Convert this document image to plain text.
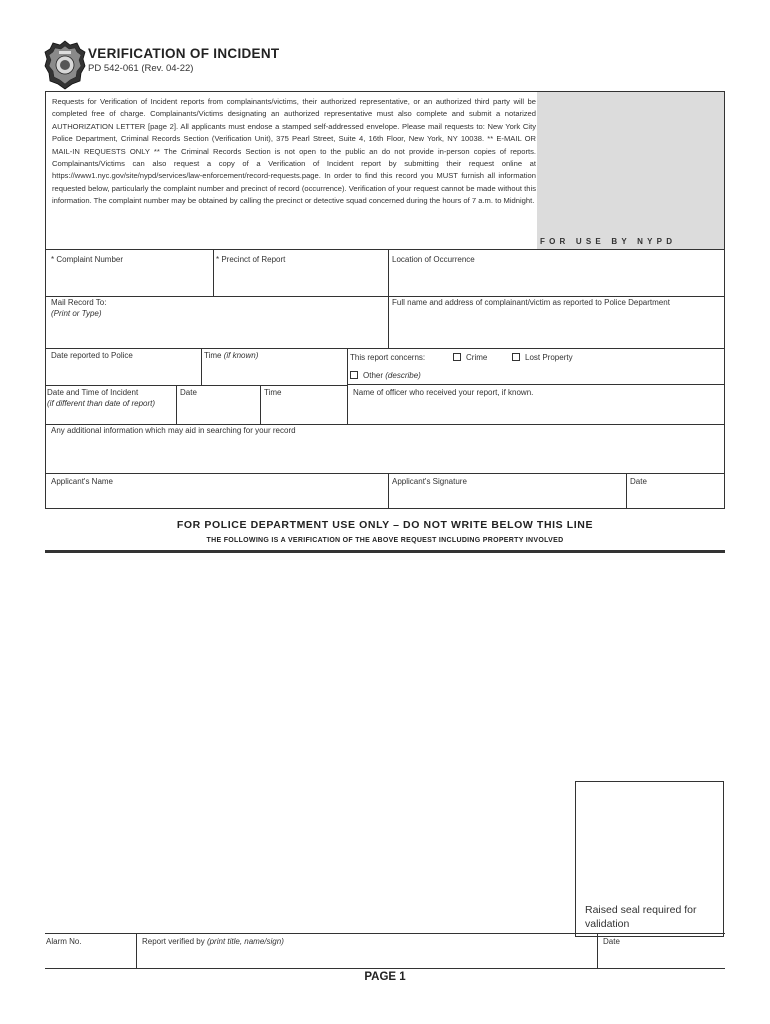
VERIFICATION OF INCIDENT
PD 542-061 (Rev. 04-22)
FOR USE BY NYPD
Requests for Verification of Incident reports from complainants/victims, their authorized representative, or an authorized third party will be completed free of charge. Complainants/Victims designating an authorized representative must also complete and submit a notarized AUTHORIZATION LETTER [page 2]. All applicants must endose a stamped self-addressed envelope. Please mail requests to: New York City Police Department, Criminal Records Section (Verification Unit), 375 Pearl Street, Suite 4, 16th Floor, New York, NY 10038. ** E-MAIL OR MAIL-IN REQUESTS ONLY ** The Criminal Records Section is not open to the public an do not provide in-person copies of reports. Complainants/Victims can also request a copy of a Verification of Incident report by submitting their request online at https://www1.nyc.gov/site/nypd/services/law-enforcement/record-requests.page. In order to find this record you MUST furnish all information requested below, particularly the complaint number and precinct of record (occurrence). Verification of your request cannot be made without this information. The complaint number may be obtained by calling the precinct or detective squad concerned during the hours of 7 a.m. to Midnight.
* Complaint Number	* Precinct of Report	Location of Occurrence
Mail Record To:
(Print or Type)
Full name and address of complainant/victim as reported to Police Department
Date reported to Police	Time (if known)	This report concerns:	Crime	Lost Property
Other (describe)
Date and Time of Incident
(if different than date of report)
Date	Time	Name of officer who received your report, if known.
Any additional information which may aid in searching for your record
Applicant's Name	Applicant's Signature	Date
FOR POLICE DEPARTMENT USE ONLY – DO NOT WRITE BELOW THIS LINE
THE FOLLOWING IS A VERIFICATION OF THE ABOVE REQUEST INCLUDING PROPERTY INVOLVED
Raised seal required for validation
Alarm No.	Report verified by (print title, name/sign)	Date
PAGE 1
